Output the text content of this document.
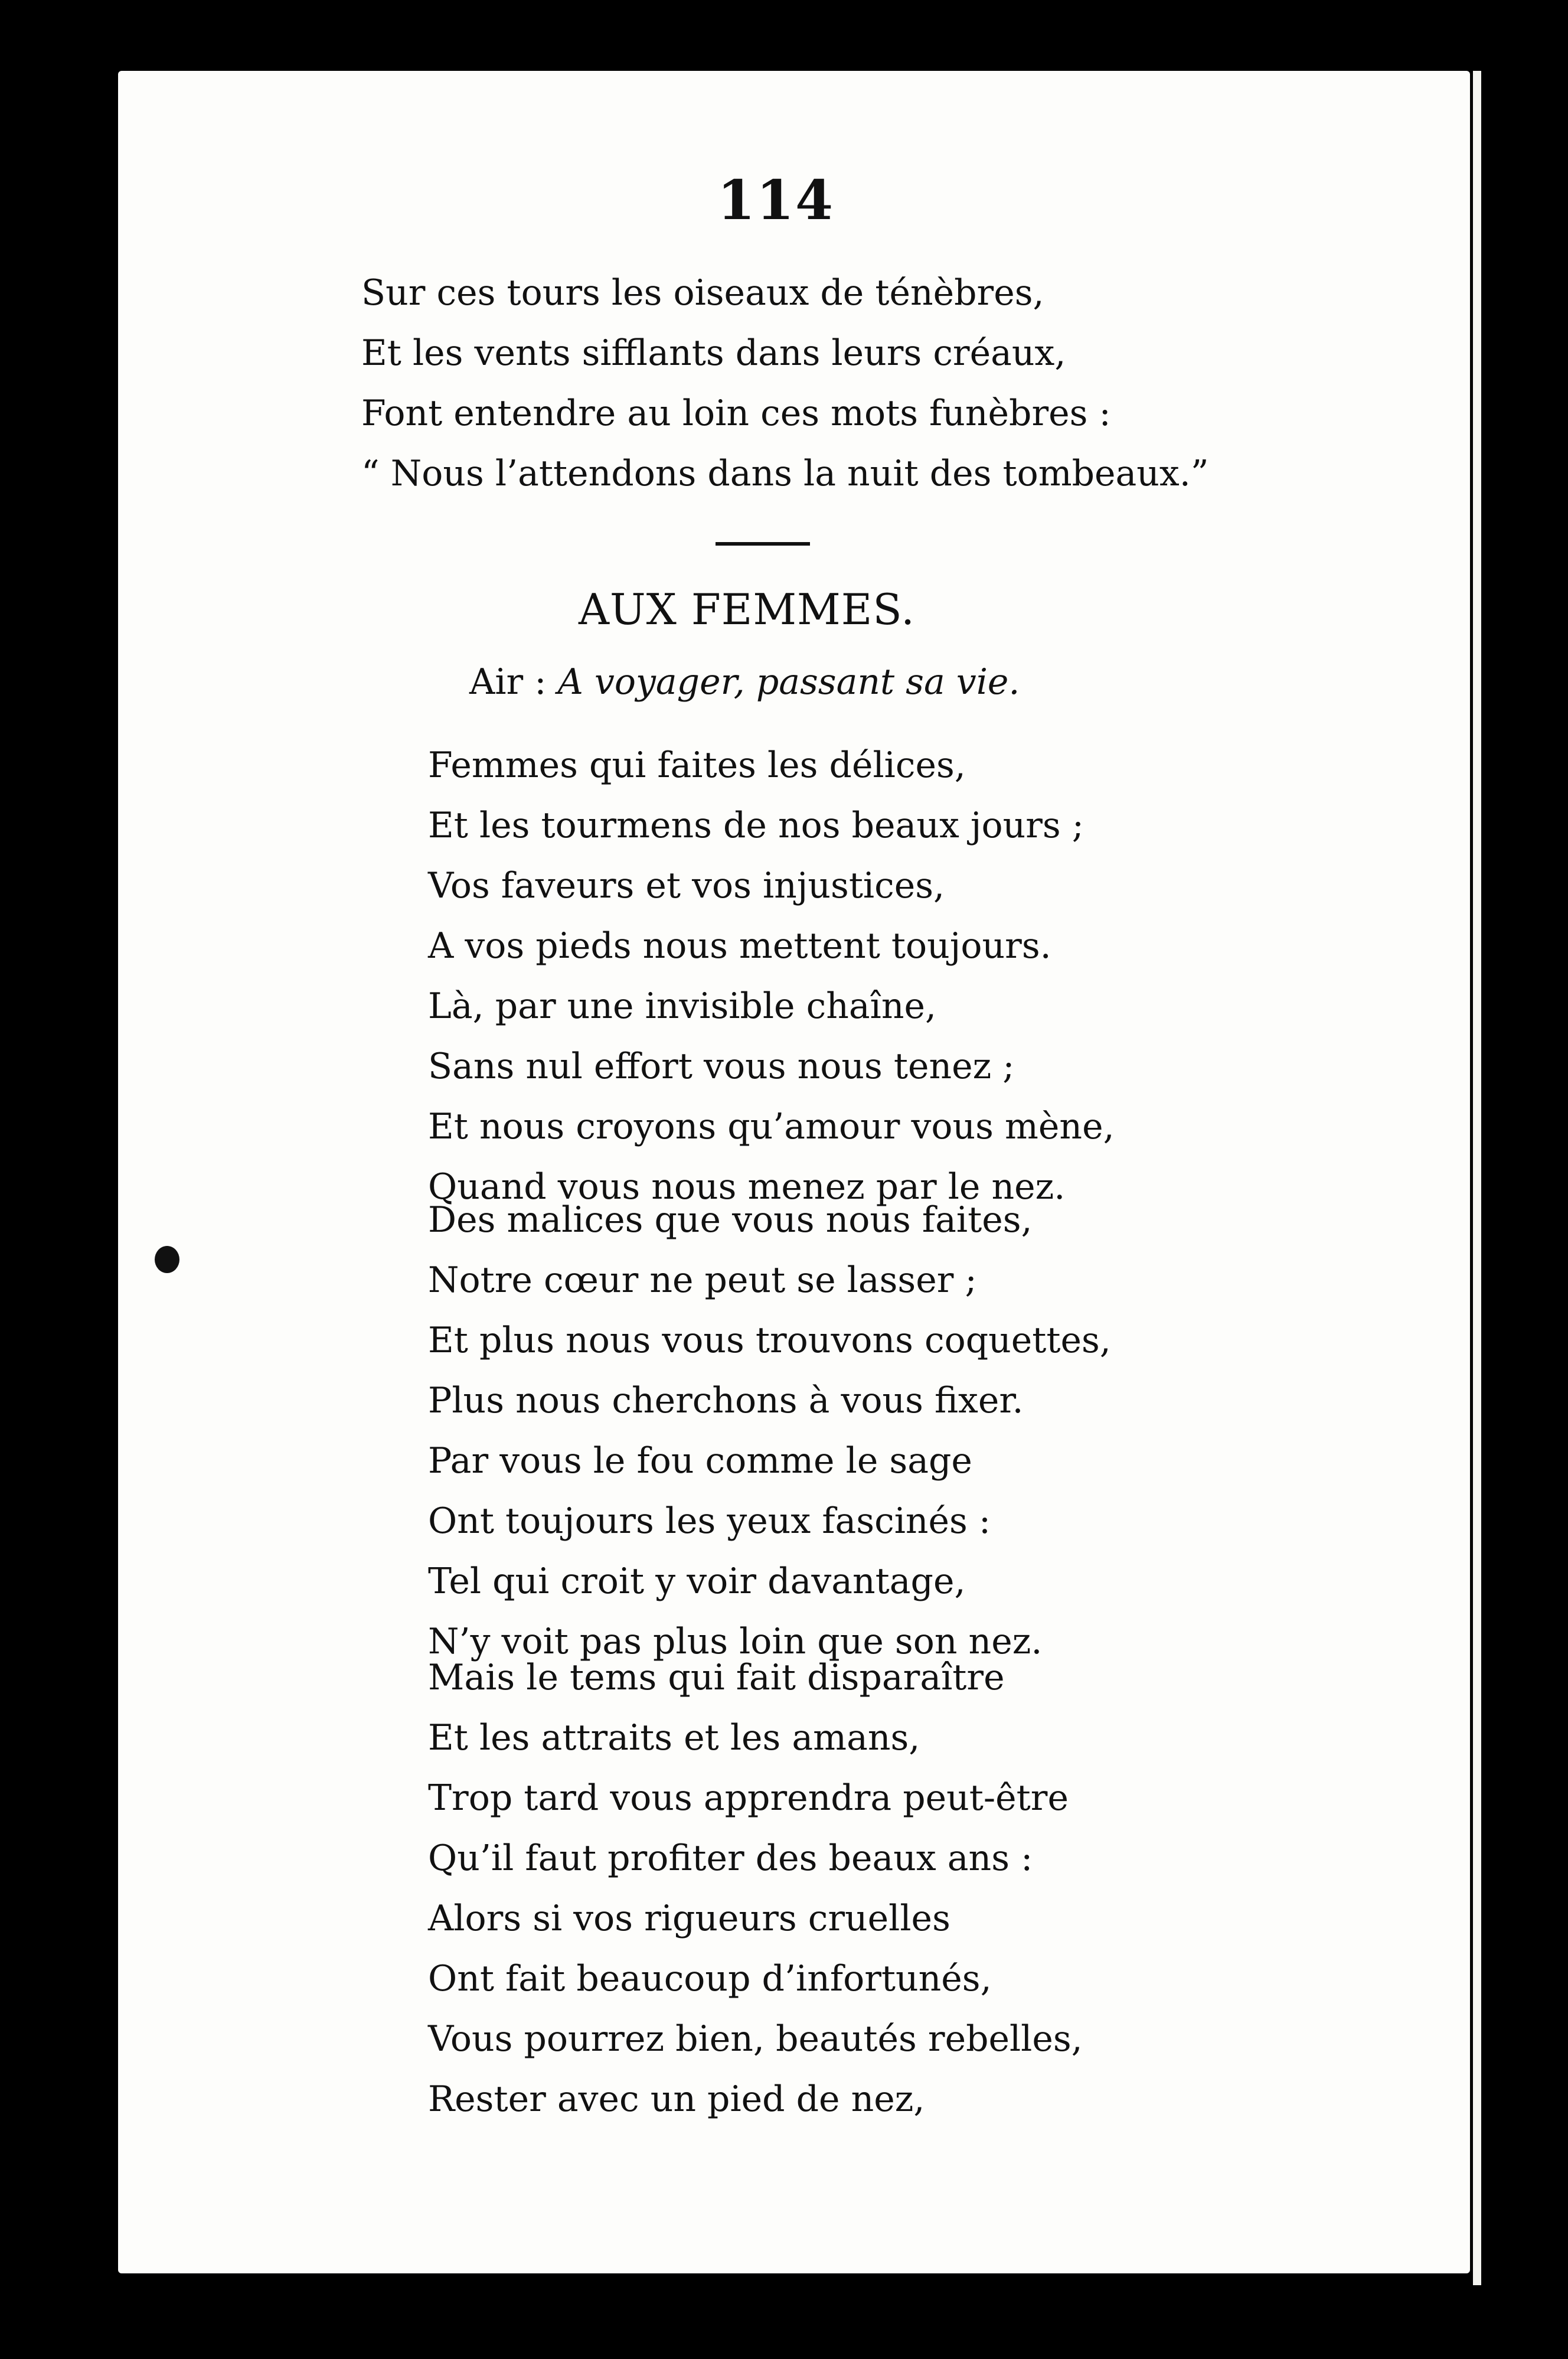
114
Sur ces tours les oiseaux de ténèbres,
Et les vents sifflants dans leurs créaux,
Font entendre au loin ces mots funèbres :
“ Nous l’attendons dans la nuit des tombeaux.”
AUX FEMMES.
Air : A voyager, passant sa vie.
Femmes qui faites les délices,
Et les tourmens de nos beaux jours ;
Vos faveurs et vos injustices,
A vos pieds nous mettent toujours.
Là, par une invisible chaîne,
Sans nul effort vous nous tenez ;
Et nous croyons qu’amour vous mène,
Quand vous nous menez par le nez.
Des malices que vous nous faites,
Notre cœur ne peut se lasser ;
Et plus nous vous trouvons coquettes,
Plus nous cherchons à vous fixer.
Par vous le fou comme le sage
Ont toujours les yeux fascinés :
Tel qui croit y voir davantage,
N’y voit pas plus loin que son nez.
Mais le tems qui fait disparaître
Et les attraits et les amans,
Trop tard vous apprendra peut-être
Qu’il faut profiter des beaux ans :
Alors si vos rigueurs cruelles
Ont fait beaucoup d’infortunés,
Vous pourrez bien, beautés rebelles,
Rester avec un pied de nez,
